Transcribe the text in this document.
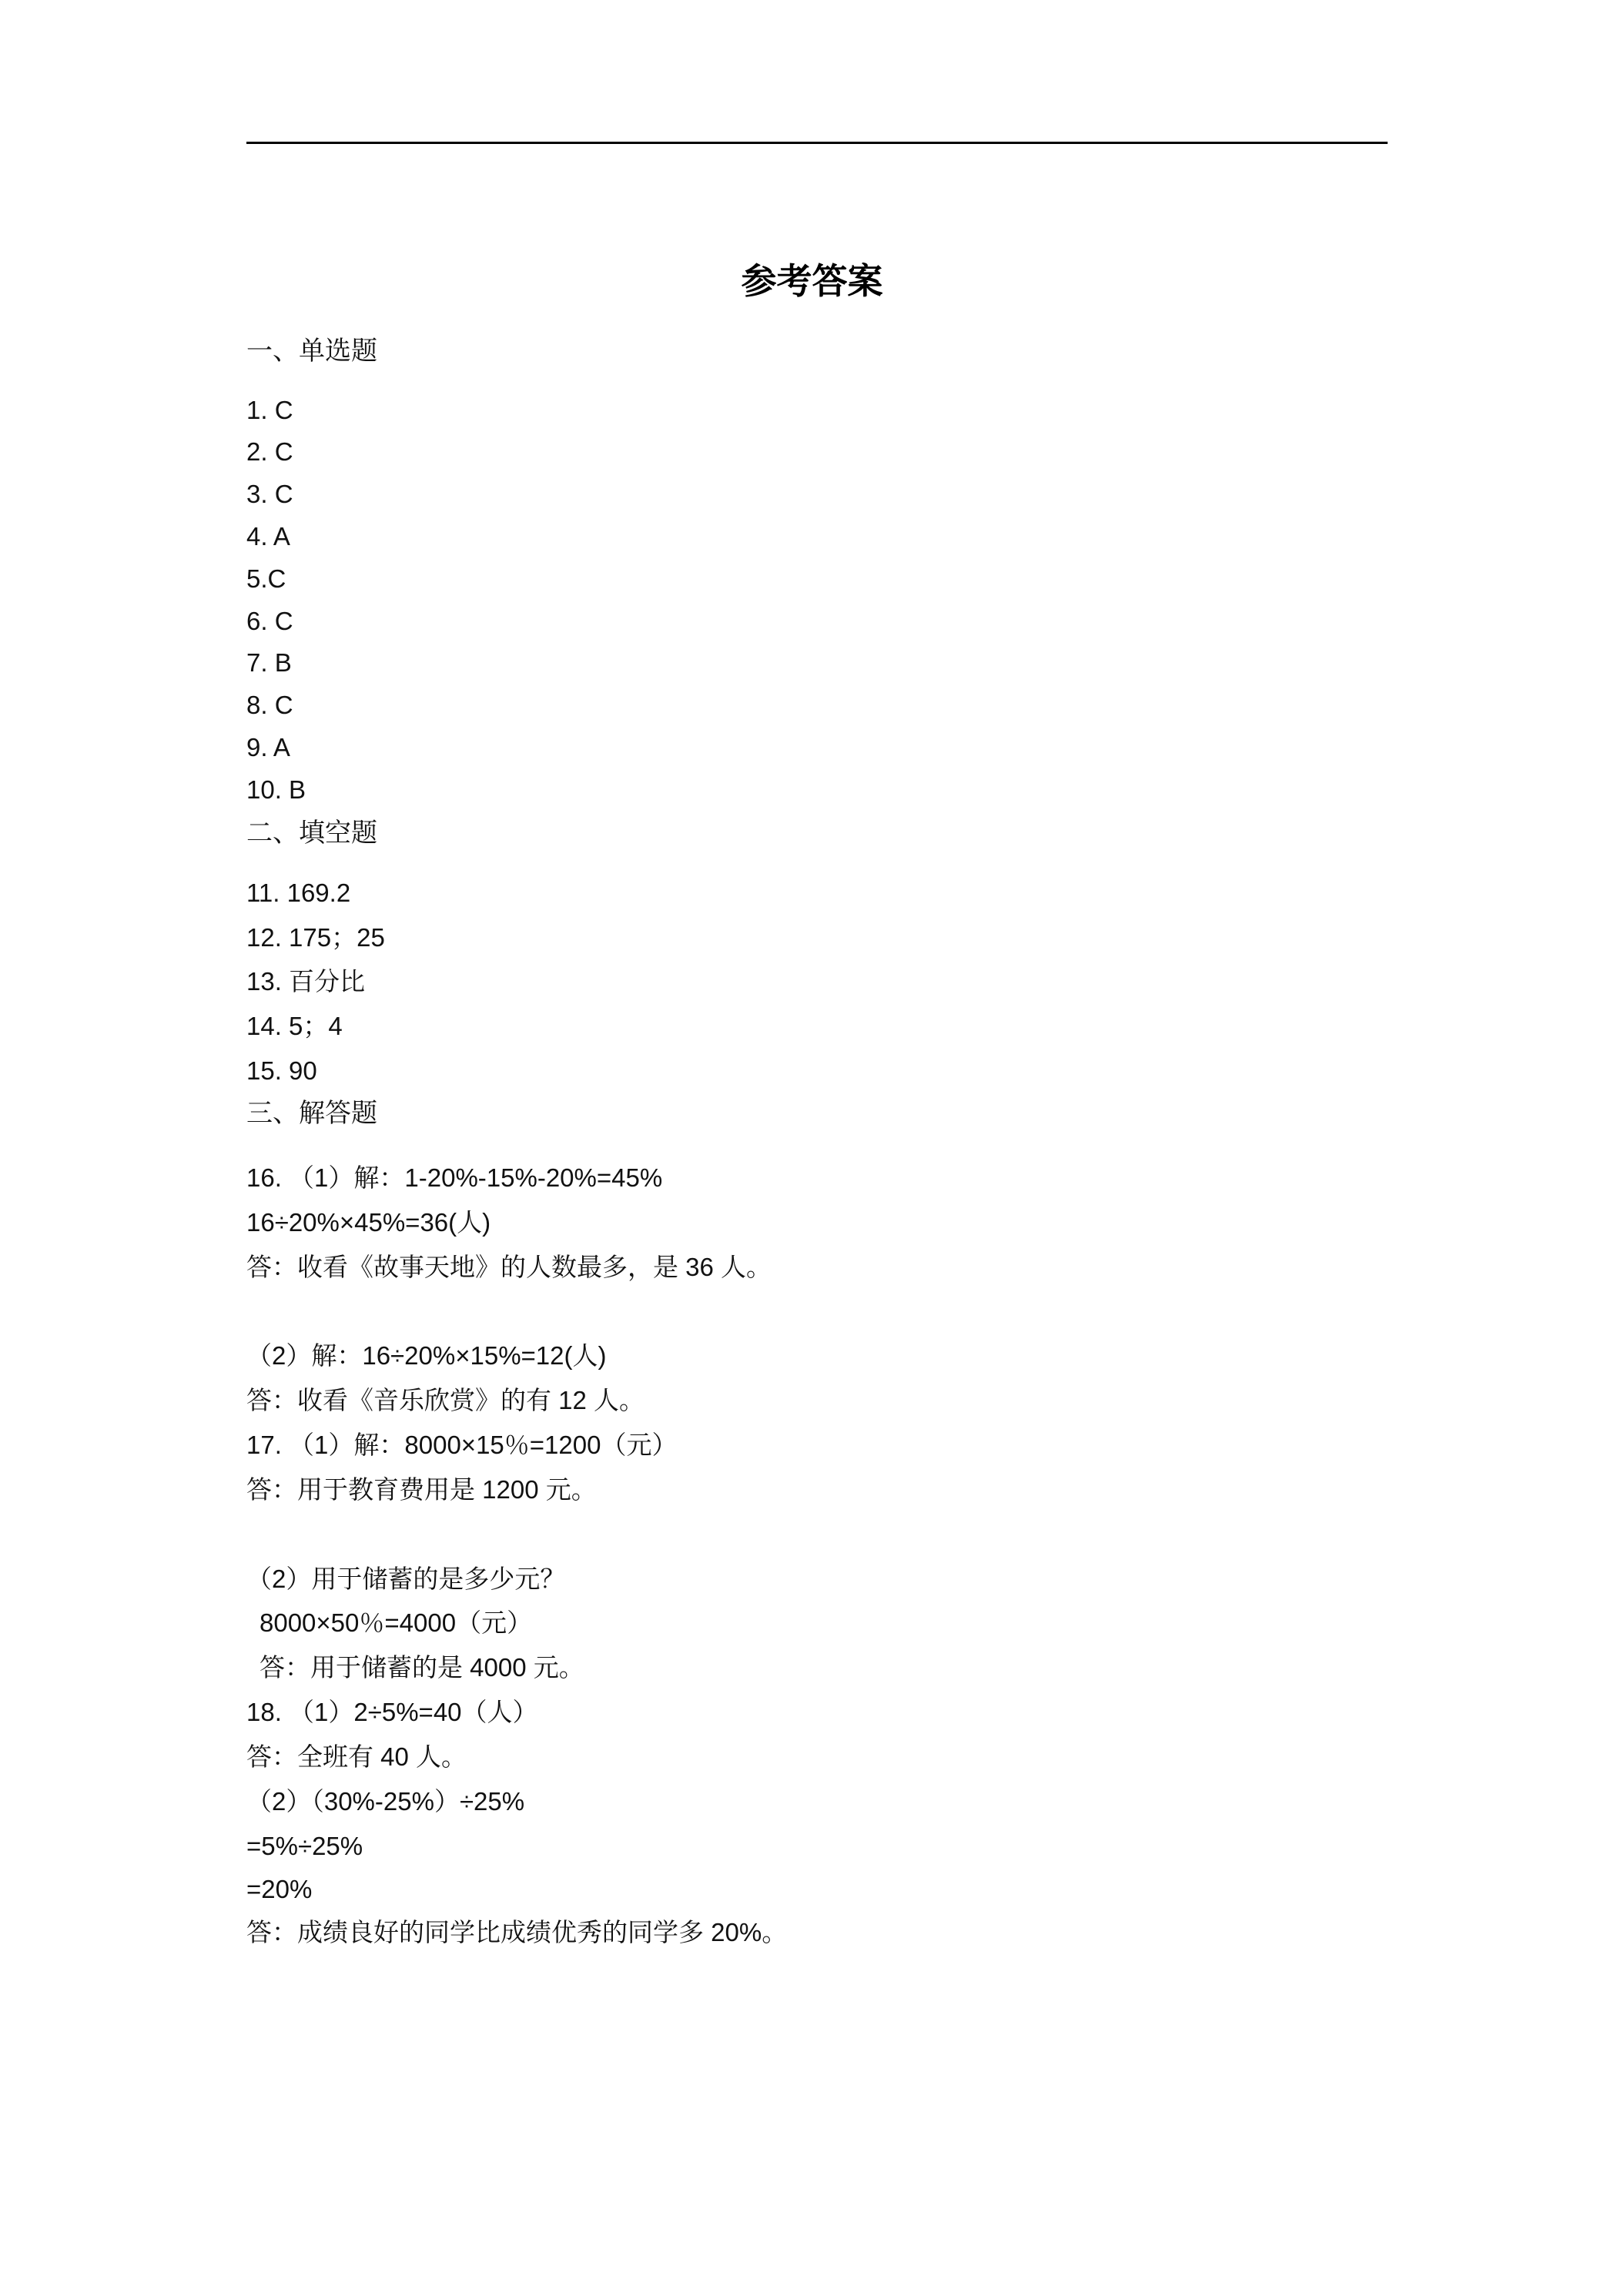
参考答案
一、单选题
1. C
2. C
3. C
4. A
5.C
6. C
7. B
8. C
9. A
10. B
二、填空题
11. 169.2
12. 175；25
13. 百分比
14. 5；4
15. 90
三、解答题
16. （1）解：1-20%-15%-20%=45%
16÷20%×45%=36(人)
答：收看《故事天地》的人数最多，是 36 人。
（2）解：16÷20%×15%=12(人)
答：收看《音乐欣赏》的有 12 人。
17. （1）解：8000×15％=1200（元）
答：用于教育费用是 1200 元。
（2）用于储蓄的是多少元？
8000×50％=4000（元）
答：用于储蓄的是 4000 元。
18. （1）2÷5%=40（人）
答：全班有 40 人。
（2）（30%-25%）÷25%
=5%÷25%
=20%
答：成绩良好的同学比成绩优秀的同学多 20%。
